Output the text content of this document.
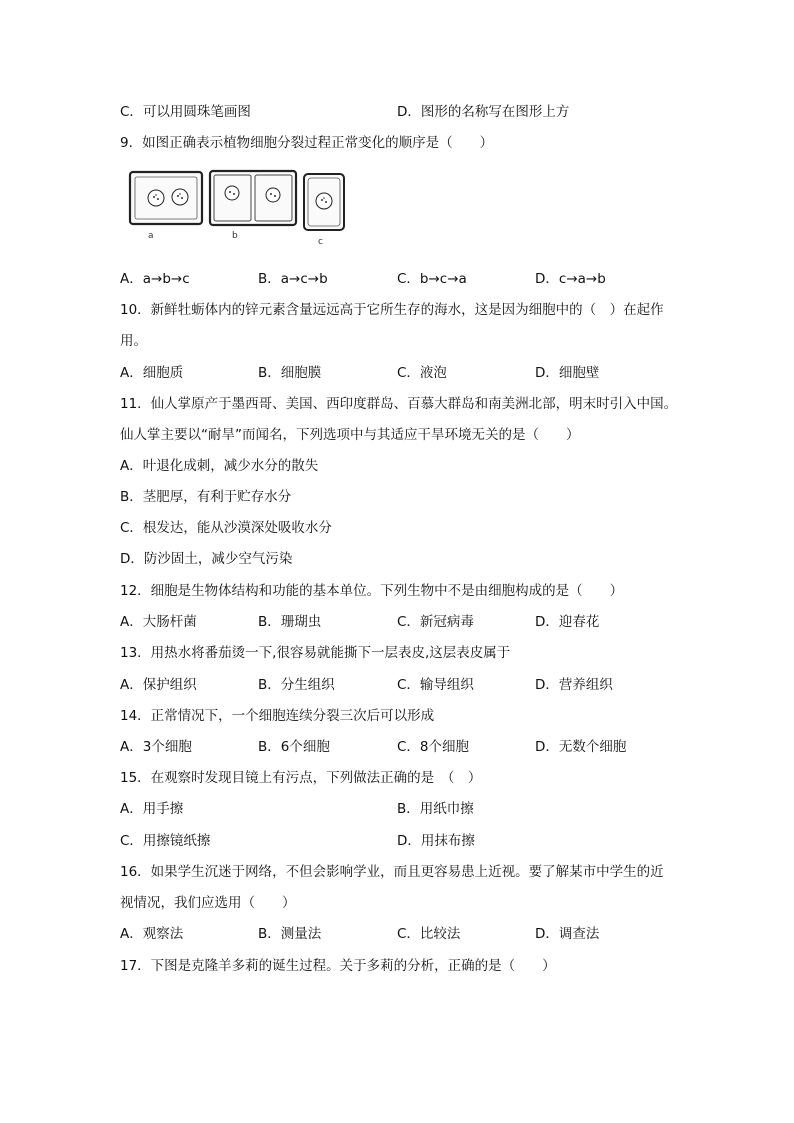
C．可以用圆珠笔画图	D．图形的名称写在图形上方
9．如图正确表示植物细胞分裂过程正常变化的顺序是（　　）
a	b
c
A．a→b→c	B．a→c→b	C．b→c→a	D．c→a→b
10．新鲜牡蛎体内的锌元素含量远远高于它所生存的海水，这是因为细胞中的（　）在起作
用。
A．细胞质	B．细胞膜	C．液泡	D．细胞壁
11．仙人掌原产于墨西哥、美国、西印度群岛、百慕大群岛和南美洲北部，明末时引入中国。
仙人掌主要以“耐旱”而闻名，下列选项中与其适应干旱环境无关的是（　　）
A．叶退化成刺，减少水分的散失
B．茎肥厚，有利于贮存水分
C．根发达，能从沙漠深处吸收水分
D．防沙固土，减少空气污染
12．细胞是生物体结构和功能的基本单位。下列生物中不是由细胞构成的是（　　）
A．大肠杆菌	B．珊瑚虫	C．新冠病毒	D．迎春花
13．用热水将番茄烫一下,很容易就能撕下一层表皮,这层表皮属于
A．保护组织	B．分生组织	C．输导组织	D．营养组织
14．正常情况下，一个细胞连续分裂三次后可以形成
A．3个细胞	B．6个细胞	C．8个细胞	D．无数个细胞
15．在观察时发现目镜上有污点，下列做法正确的是　（　）
A．用手擦	B．用纸巾擦
C．用擦镜纸擦	D．用抹布擦
16．如果学生沉迷于网络，不但会影响学业，而且更容易患上近视。要了解某市中学生的近
视情况，我们应选用（　　）
A．观察法	B．测量法	C．比较法	D．调查法
17．下图是克隆羊多莉的诞生过程。关于多莉的分析，正确的是（　　）
